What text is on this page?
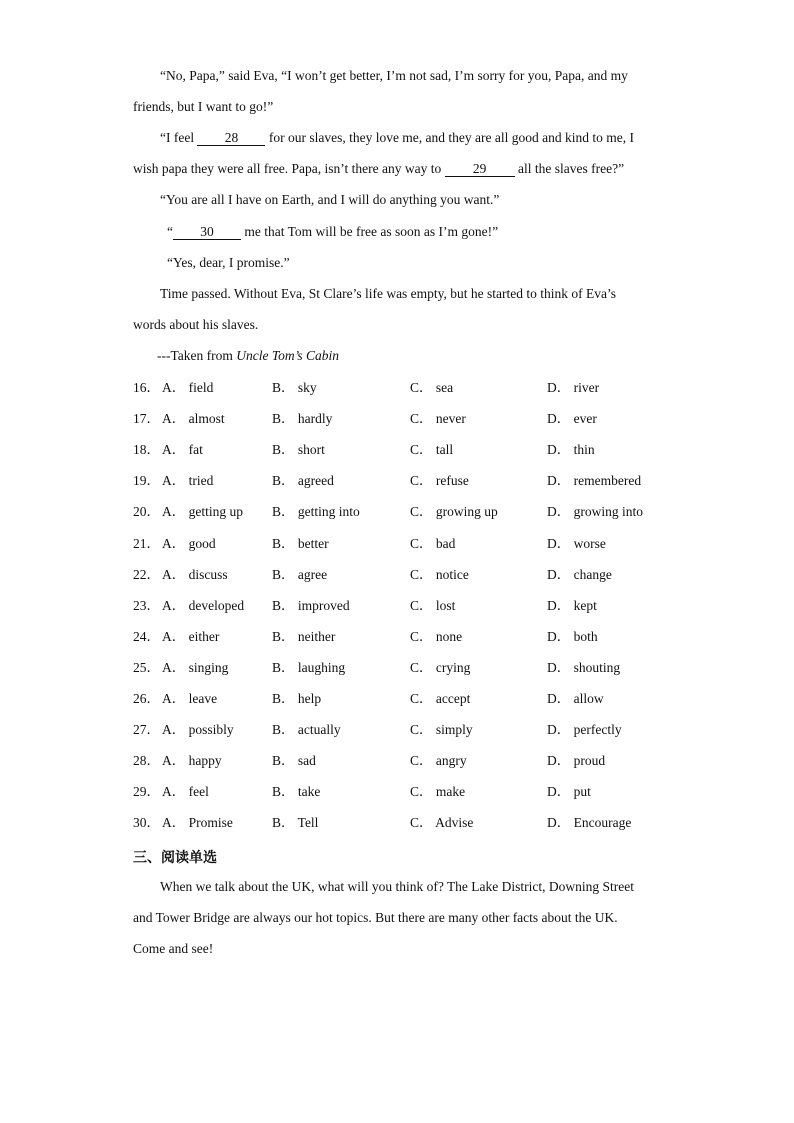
“No, Papa,” said Eva, “I won’t get better, I’m not sad, I’m sorry for you, Papa, and my
friends, but I want to go!”
“I feel 28 for our slaves, they love me, and they are all good and kind to me, I
wish papa they were all free. Papa, isn’t there any way to 29 all the slaves free?”
“You are all I have on Earth, and I will do anything you want.”
“ 30 me that Tom will be free as soon as I’m gone!”
“Yes, dear, I promise.”
Time passed. Without Eva, St Clare’s life was empty, but he started to think of Eva’s
words about his slaves.
---Taken from Uncle Tom’s Cabin
16． A． field	B． sky	C． sea	D． river
17． A． almost	B． hardly	C． never	D． ever
18． A． fat	B． short	C． tall	D． thin
19． A． tried	B． agreed	C． refuse	D． remembered
20． A． getting up B． getting into	C． growing up	D． growing into
21． A． good	B． better	C． bad	D． worse
22． A． discuss	B． agree	C． notice	D． change
23． A． developed B． improved	C． lost	D． kept
24． A． either	B． neither	C． none	D． both
25． A． singing	B． laughing	C． crying	D． shouting
26． A． leave	B． help	C． accept	D． allow
27． A． possibly	B． actually	C． simply	D． perfectly
28． A． happy	B． sad	C． angry	D． proud
29． A． feel	B． take	C． make	D． put
30． A． Promise	B． Tell	C． Advise	D． Encourage
三、阅读单选
When we talk about the UK, what will you think of? The Lake District, Downing Street
and Tower Bridge are always our hot topics. But there are many other facts about the UK.
Come and see!
